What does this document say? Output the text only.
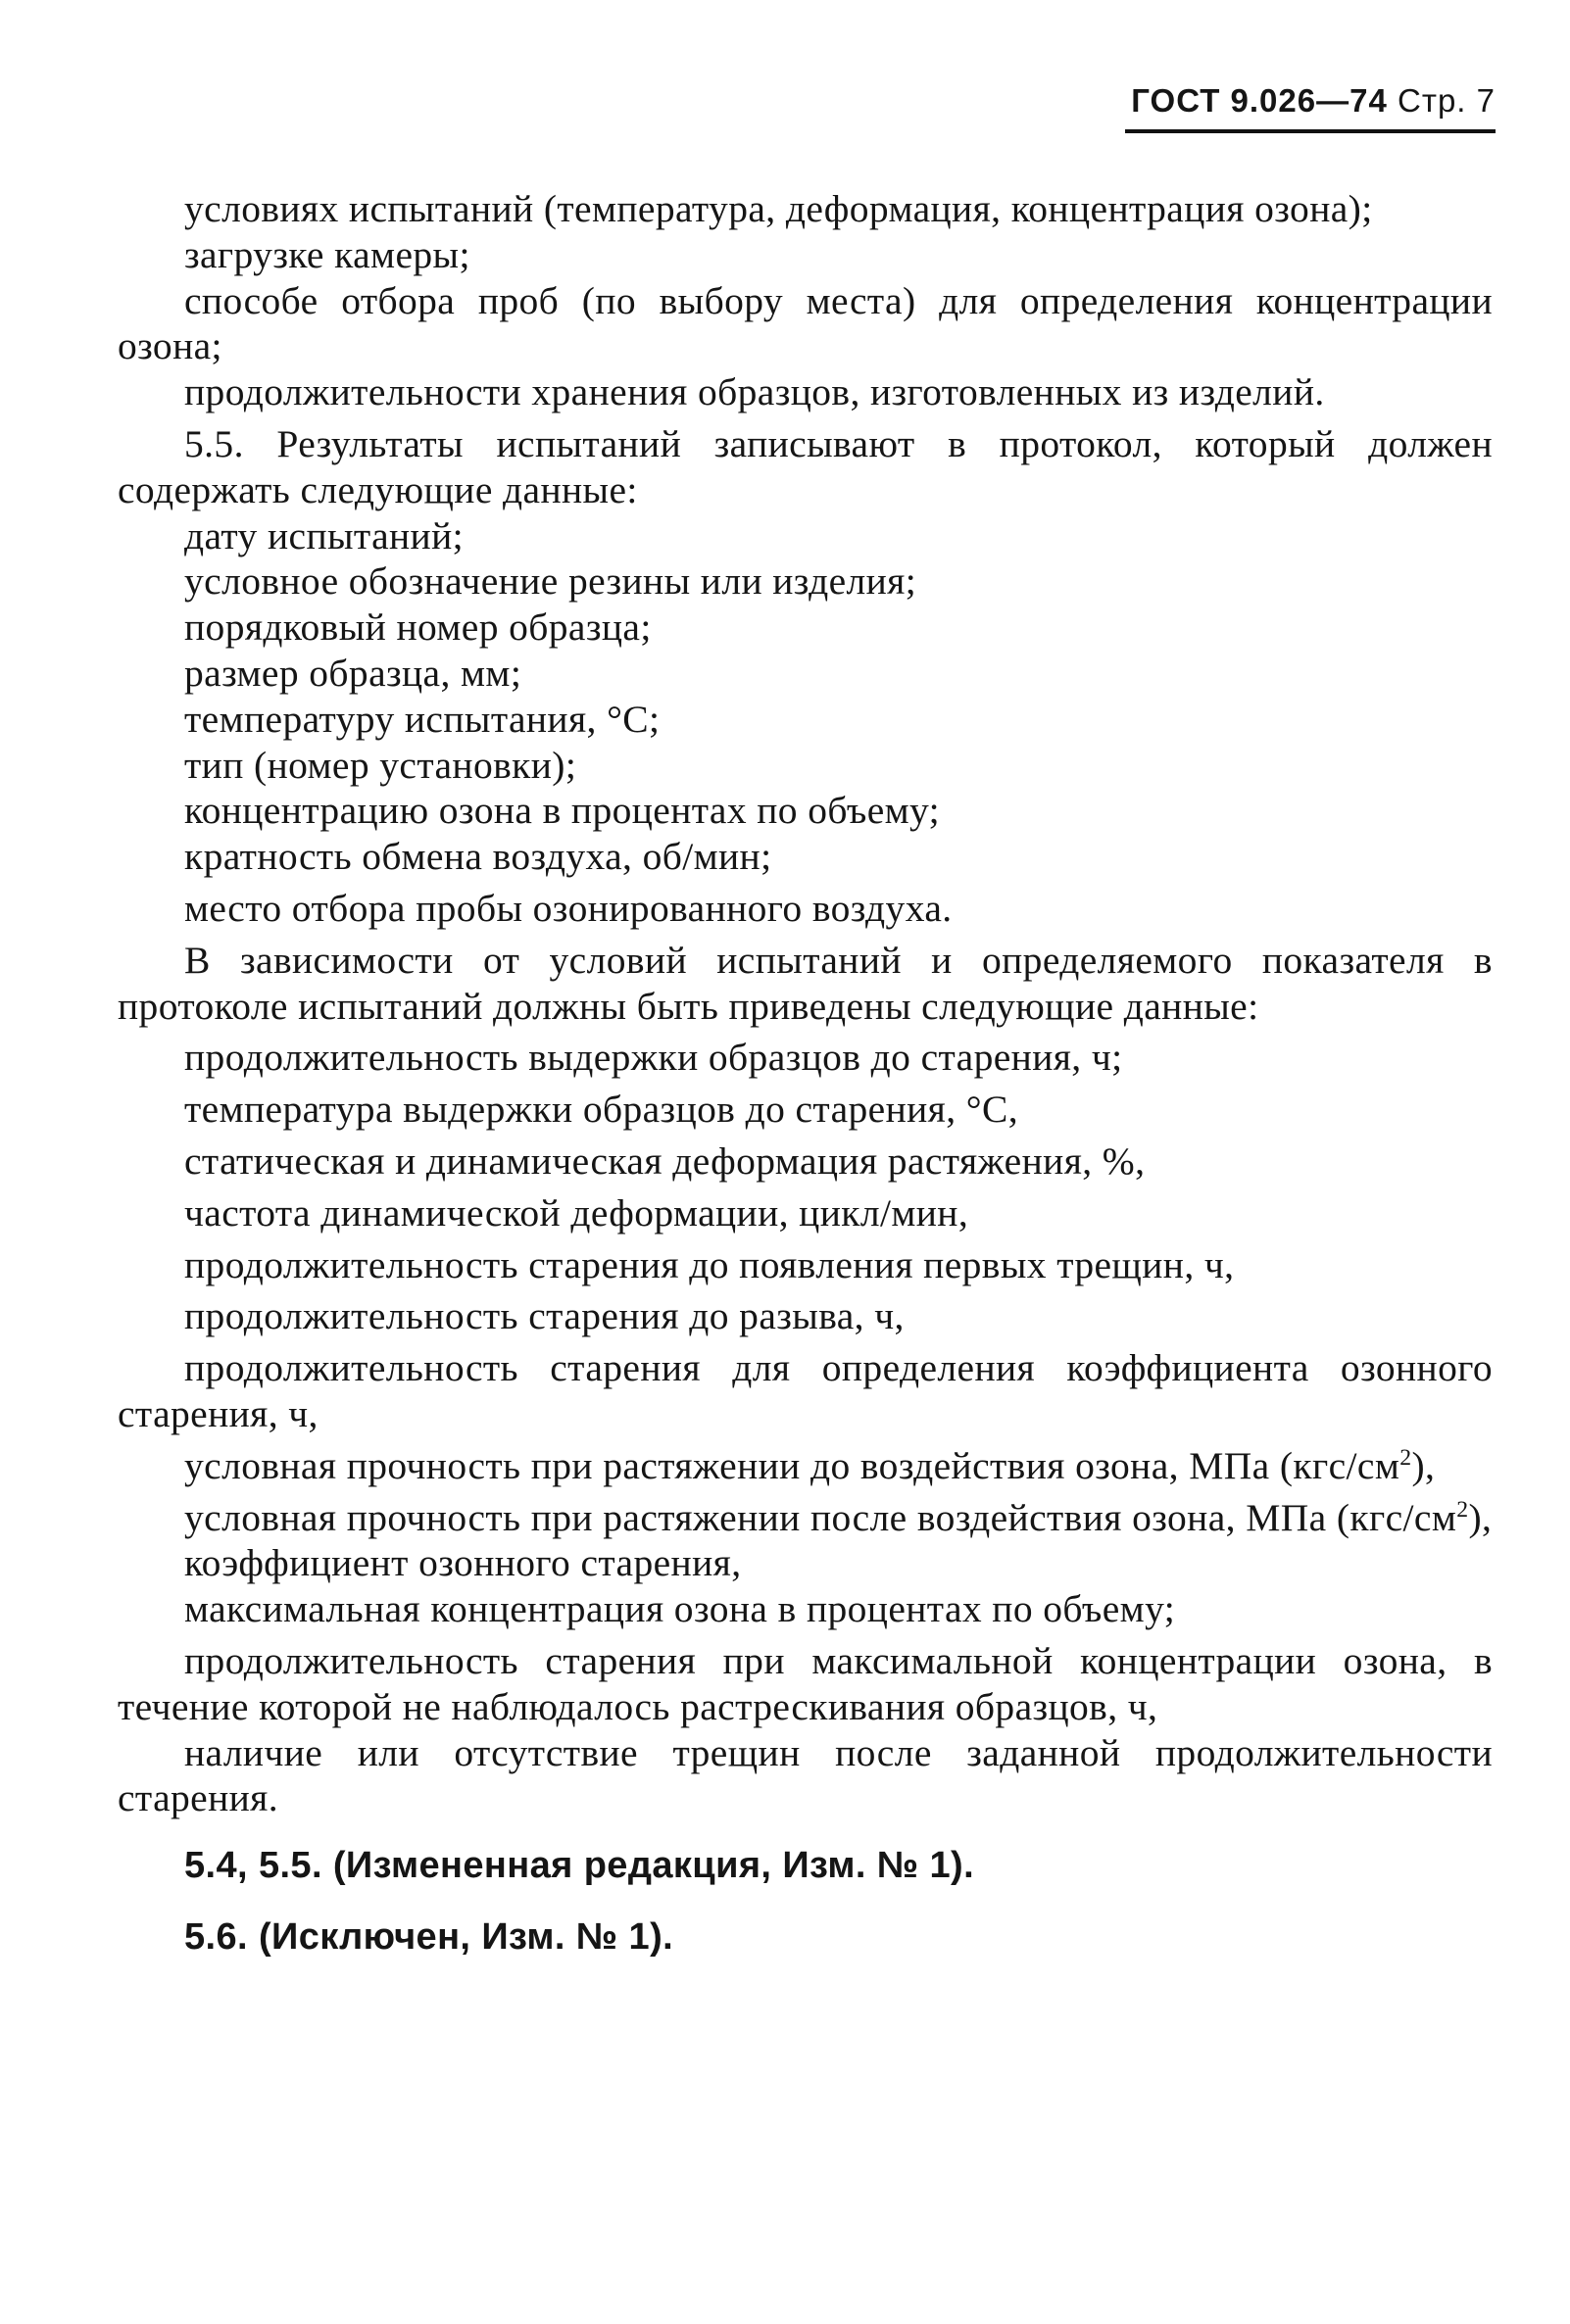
ГОСТ 9.026—74 Стр. 7

условиях испытаний (температура, деформация, концентрация озона);

загрузке камеры;

способе отбора проб (по выбору места) для определения концентрации озона;

продолжительности хранения образцов, изготовленных из изделий.

5.5. Результаты испытаний записывают в протокол, который должен содержать следующие данные:

дату испытаний;

условное обозначение резины или изделия;

порядковый номер образца;

размер образца, мм;

температуру испытания, °С;

тип (номер установки);

концентрацию озона в процентах по объему;

кратность обмена воздуха, об/мин;

место отбора пробы озонированного воздуха.

В зависимости от условий испытаний и определяемого показателя в протоколе испытаний должны быть приведены следующие данные:

продолжительность выдержки образцов до старения, ч;

температура выдержки образцов до старения, °С,

статическая и динамическая деформация растяжения, %,

частота динамической деформации, цикл/мин,

продолжительность старения до появления первых трещин, ч,

продолжительность старения до разыва, ч,

продолжительность старения для определения коэффициента озонного старения, ч,

условная прочность при растяжении до воздействия озона, МПа $(кгс/см^2)$,

условная прочность при растяжении после воздействия озона, МПа $(кгс/см^2)$,

коэффициент озонного старения,

максимальная концентрация озона в процентах по объему;

продолжительность старения при максимальной концентрации озона, в течение которой не наблюдалось растрескивания образцов, ч,

наличие или отсутствие трещин после заданной продолжительности старения.

5.4, 5.5. (Измененная редакция, Изм. № 1).

5.6. (Исключен, Изм. № 1).
